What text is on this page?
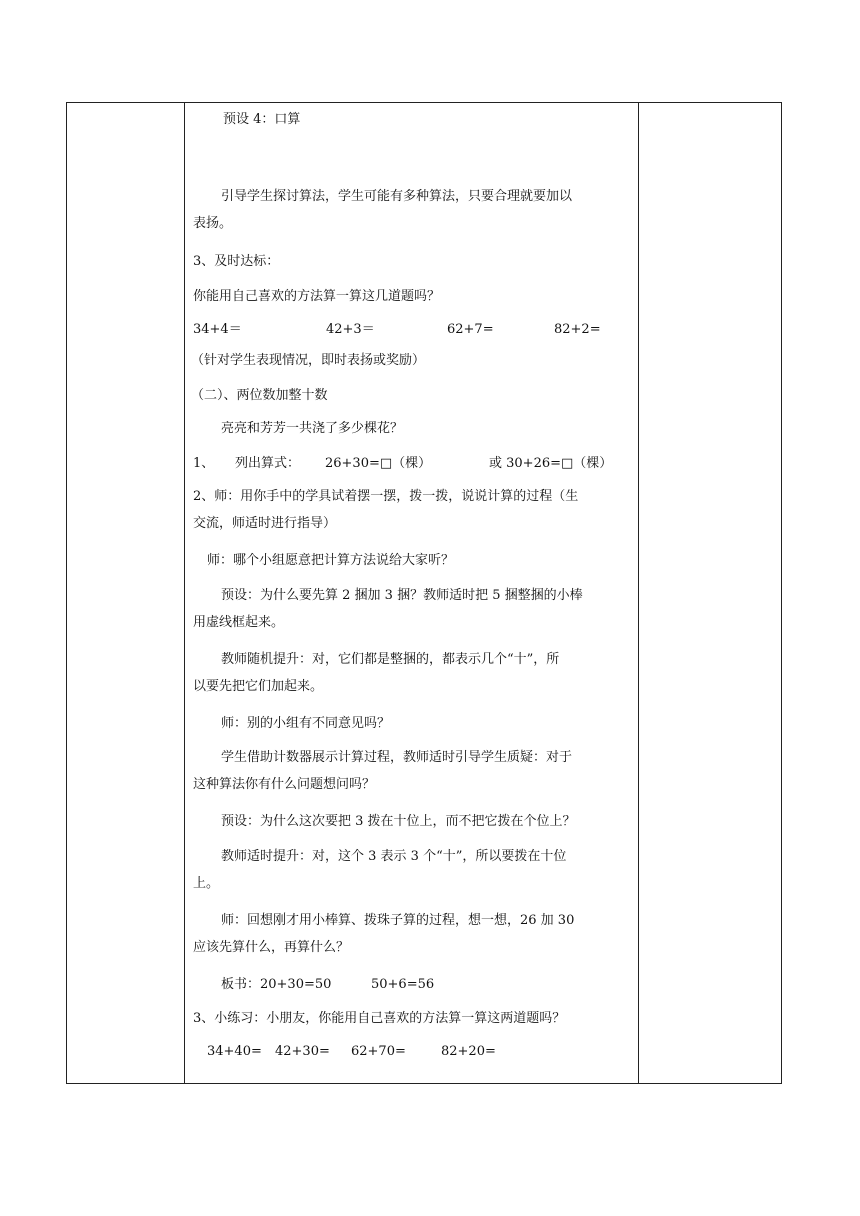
预设 4：口算
引导学生探讨算法，学生可能有多种算法，只要合理就要加以
表扬。
3、及时达标：
你能用自己喜欢的方法算一算这几道题吗？
34+4＝	42+3＝	62+7=	82+2=
（针对学生表现情况，即时表扬或奖励）
（二）、两位数加整十数
亮亮和芳芳一共浇了多少棵花？
1、 列出算式： 26+30=□（棵）	或 30+26=□（棵）
2、师：用你手中的学具试着摆一摆，拨一拨，说说计算的过程（生
交流，师适时进行指导）
师：哪个小组愿意把计算方法说给大家听？
预设：为什么要先算 2 捆加 3 捆？教师适时把 5 捆整捆的小棒
用虚线框起来。
教师随机提升：对，它们都是整捆的，都表示几个“十”，所
以要先把它们加起来。
师：别的小组有不同意见吗？
学生借助计数器展示计算过程，教师适时引导学生质疑：对于
这种算法你有什么问题想问吗？
预设：为什么这次要把 3 拨在十位上，而不把它拨在个位上？
教师适时提升：对，这个 3 表示 3 个“十”，所以要拨在十位
上。
师：回想刚才用小棒算、拨珠子算的过程，想一想，26 加 30
应该先算什么，再算什么？
板书：20+30=50	50+6=56
3、小练习：小朋友，你能用自己喜欢的方法算一算这两道题吗？
34+40= 42+30= 62+70=	82+20=
